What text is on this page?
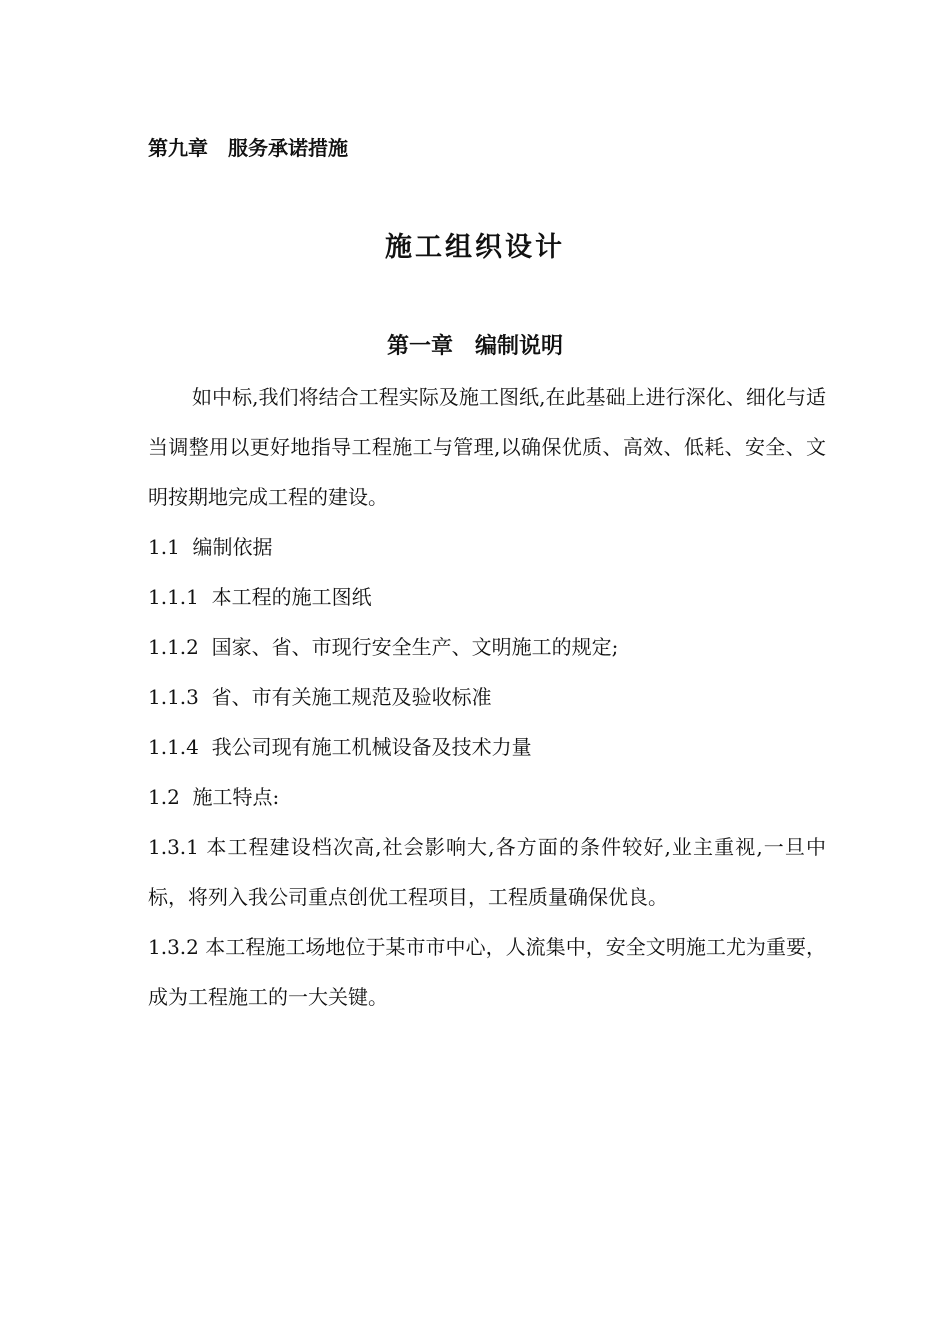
第九章　服务承诺措施
施工组织设计
第一章　编制说明
如中标,我们将结合工程实际及施工图纸,在此基础上进行深化、细化与适当调整用以更好地指导工程施工与管理,以确保优质、高效、低耗、安全、文明按期地完成工程的建设。
1.1  编制依据
1.1.1  本工程的施工图纸
1.1.2  国家、省、市现行安全生产、文明施工的规定;
1.1.3  省、市有关施工规范及验收标准
1.1.4  我公司现有施工机械设备及技术力量
1.2  施工特点:
1.3.1 本工程建设档次高,社会影响大,各方面的条件较好,业主重视,一旦中标，将列入我公司重点创优工程项目，工程质量确保优良。
1.3.2 本工程施工场地位于某市市中心，人流集中，安全文明施工尤为重要，成为工程施工的一大关键。
